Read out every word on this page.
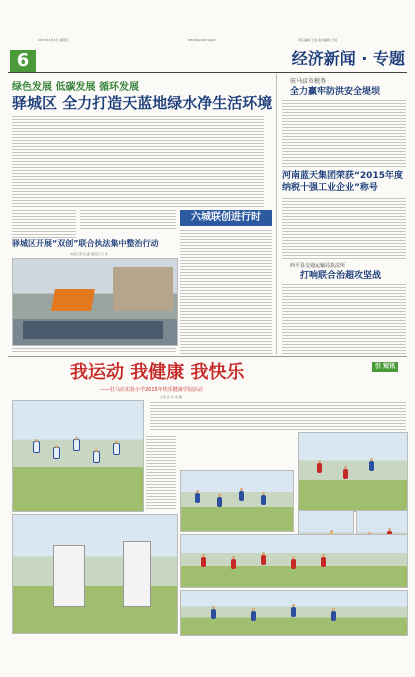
2015年4月3日 星期五	ZHUMADIAN DAILY	责任编辑 王进 美术编辑 王进
6	经济新闻 · 专题
绿色发展 低碳发展 循环发展
驿城区 全力打造天蓝地绿水净生活环境
六城联创进行时
驿城区开展“双创”联合执法集中整治行动
本报记者 张 鑫 通讯员 王 涛
驻马店市税务
全力赢牢防洪安全堤坝
河南蓝天集团荣获“2015年度纳税十强工业企业”称号
西平县交通运输局执法所
打响联合治超攻坚战
引 短讯
我运动 我健康 我快乐
——驻马店实验小学2015年快乐健康学园活动
记者 张 永 刘 摄
